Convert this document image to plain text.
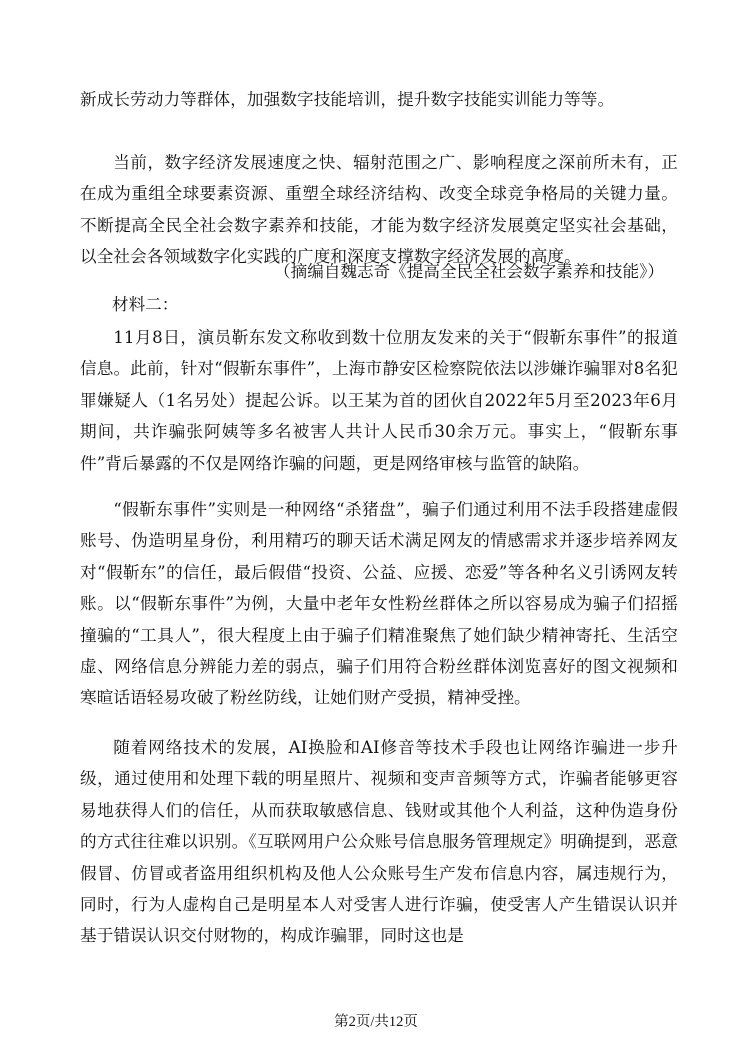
新成长劳动力等群体，加强数字技能培训，提升数字技能实训能力等等。

当前，数字经济发展速度之快、辐射范围之广、影响程度之深前所未有，正在成为重组全球要素资源、重塑全球经济结构、改变全球竞争格局的关键力量。不断提高全民全社会数字素养和技能，才能为数字经济发展奠定坚实社会基础，以全社会各领域数字化实践的广度和深度支撑数字经济发展的高度。

（摘编自魏志奇《提高全民全社会数字素养和技能》）

材料二：

11月8日，演员靳东发文称收到数十位朋友发来的关于“假靳东事件”的报道信息。此前，针对“假靳东事件”，上海市静安区检察院依法以涉嫌诈骗罪对8名犯罪嫌疑人（1名另处）提起公诉。以王某为首的团伙自2022年5月至2023年6月期间，共诈骗张阿姨等多名被害人共计人民币30余万元。事实上，“假靳东事件”背后暴露的不仅是网络诈骗的问题，更是网络审核与监管的缺陷。

“假靳东事件”实则是一种网络“杀猪盘”，骗子们通过利用不法手段搭建虚假账号、伪造明星身份，利用精巧的聊天话术满足网友的情感需求并逐步培养网友对“假靳东”的信任，最后假借“投资、公益、应援、恋爱”等各种名义引诱网友转账。以“假靳东事件”为例，大量中老年女性粉丝群体之所以容易成为骗子们招摇撞骗的“工具人”，很大程度上由于骗子们精准聚焦了她们缺少精神寄托、生活空虚、网络信息分辨能力差的弱点，骗子们用符合粉丝群体浏览喜好的图文视频和寒暄话语轻易攻破了粉丝防线，让她们财产受损，精神受挫。

随着网络技术的发展，AI换脸和AI修音等技术手段也让网络诈骗进一步升级，通过使用和处理下载的明星照片、视频和变声音频等方式，诈骗者能够更容易地获得人们的信任，从而获取敏感信息、钱财或其他个人利益，这种伪造身份的方式往往难以识别。《互联网用户公众账号信息服务管理规定》明确提到，恶意假冒、仿冒或者盗用组织机构及他人公众账号生产发布信息内容，属违规行为，同时，行为人虚构自己是明星本人对受害人进行诈骗，使受害人产生错误认识并基于错误认识交付财物的，构成诈骗罪，同时这也是

第2页/共12页
